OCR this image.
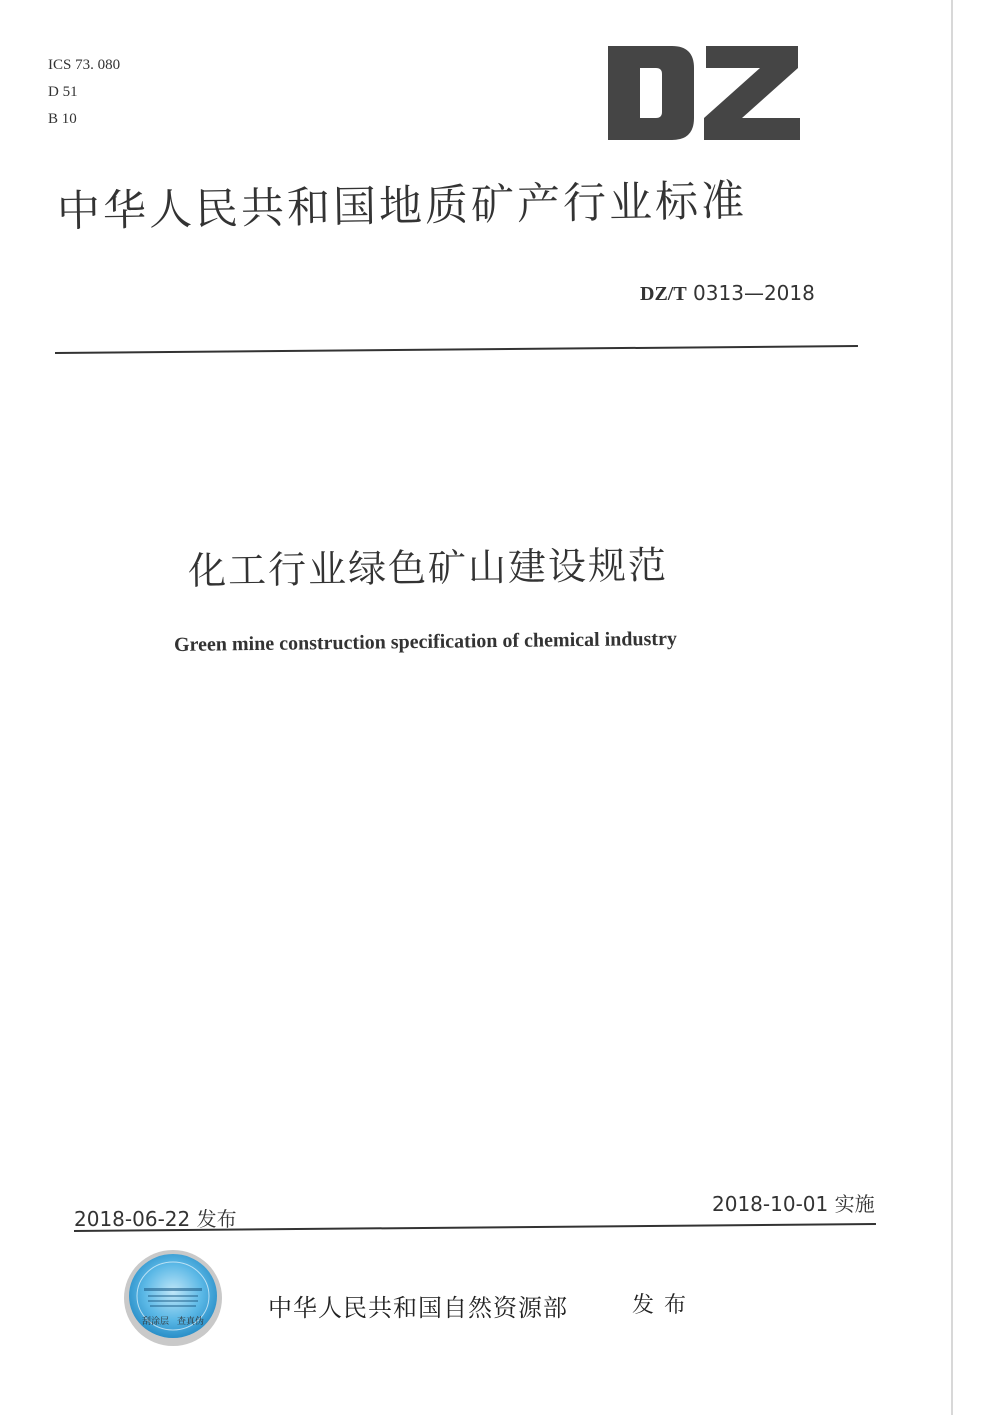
ICS 73. 080
D 51
B 10
中华人民共和国地质矿产行业标准
DZ/T 0313—2018
化工行业绿色矿山建设规范
Green mine construction specification of chemical industry
2018-06-22 发布
2018-10-01 实施
刮涂层 查真伪	中华人民共和国自然资源部	发布
